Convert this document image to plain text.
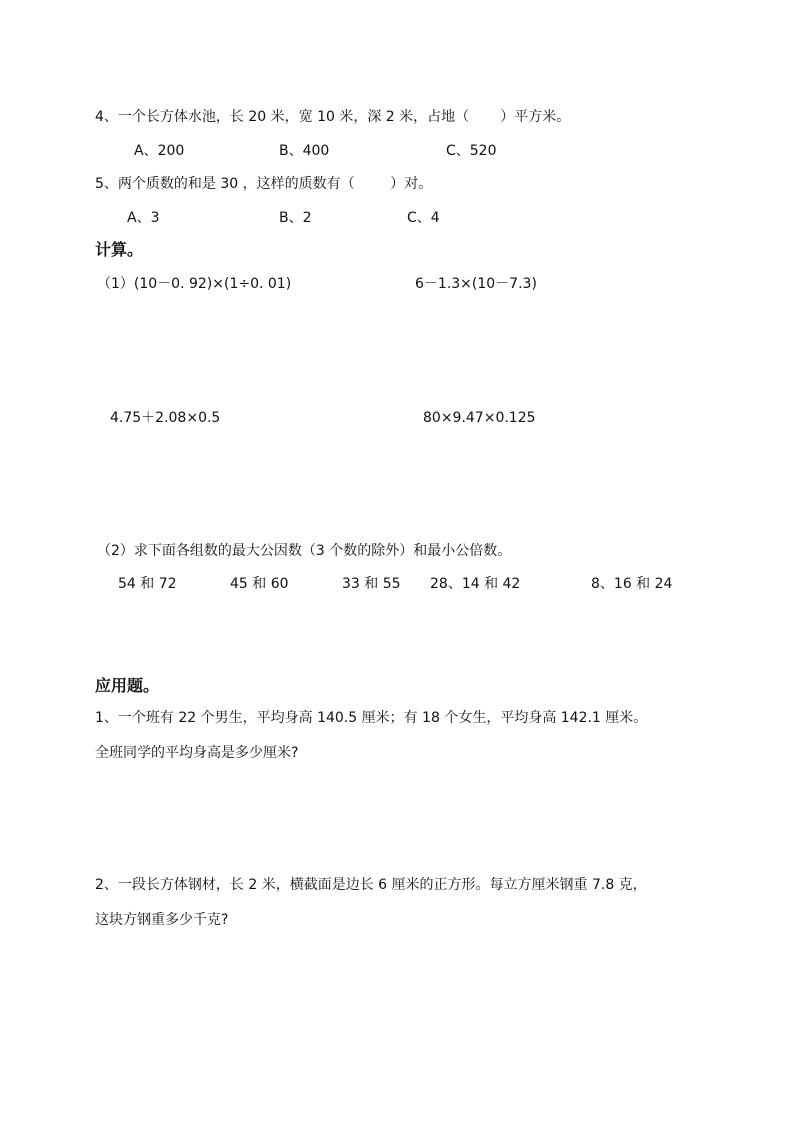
4、一个长方体水池，长 20 米，宽 10 米，深 2 米，占地（       ）平方米。
A、200	B、400	C、520
5、两个质数的和是 30 ，这样的质数有（        ）对。
A、3	B、2	C、4
计算。
（1）(10－0. 92)×(1÷0. 01)	6－1.3×(10－7.3)
4.75＋2.08×0.5	80×9.47×0.125
（2）求下面各组数的最大公因数（3 个数的除外）和最小公倍数。
54 和 72	45 和 60	33 和 55 28、14 和 42	8、16 和 24
应用题。
1、一个班有 22 个男生，平均身高 140.5 厘米；有 18 个女生，平均身高 142.1 厘米。
全班同学的平均身高是多少厘米?
2、一段长方体钢材，长 2 米，横截面是边长 6 厘米的正方形。每立方厘米钢重 7.8 克，
这块方钢重多少千克?
